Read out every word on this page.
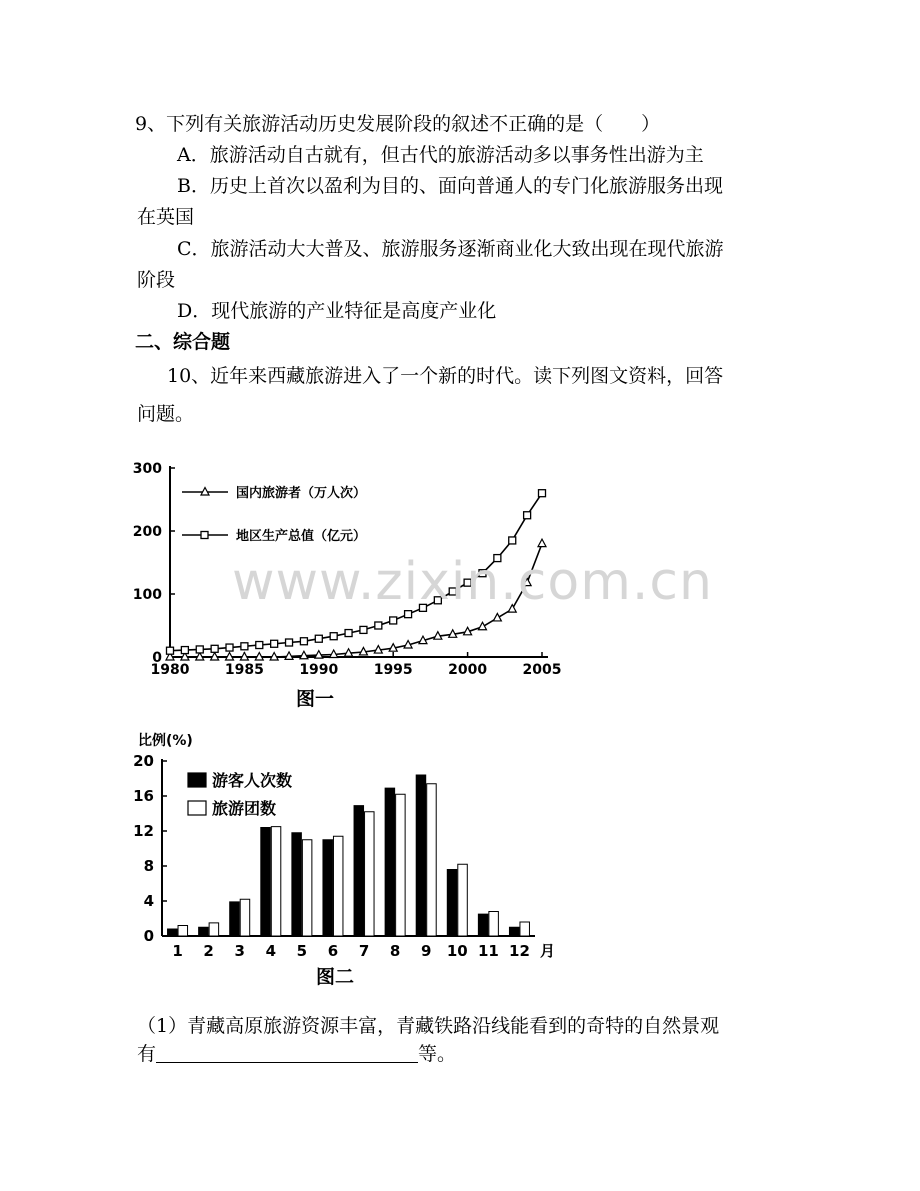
9、下列有关旅游活动历史发展阶段的叙述不正确的是（　　）
A．旅游活动自古就有，但古代的旅游活动多以事务性出游为主
B．历史上首次以盈利为目的、面向普通人的专门化旅游服务出现
在英国
C．旅游活动大大普及、旅游服务逐渐商业化大致出现在现代旅游
阶段
D．现代旅游的产业特征是高度产业化
二、综合题
10、近年来西藏旅游进入了一个新的时代。读下列图文资料，回答
问题。
0
100
200
300
1980	1985	1990	1995	2000	2005
国内旅游者（万人次）
地区生产总值（亿元）
图一
www.zixin.com.cn
比例(%)
0
4
8
12
16
20
1 2 3 4 5 6 7 8 9 10 11 12 月
游客人次数
旅游团数
图二
（1）青藏高原旅游资源丰富，青藏铁路沿线能看到的奇特的自然景观
有	等。
